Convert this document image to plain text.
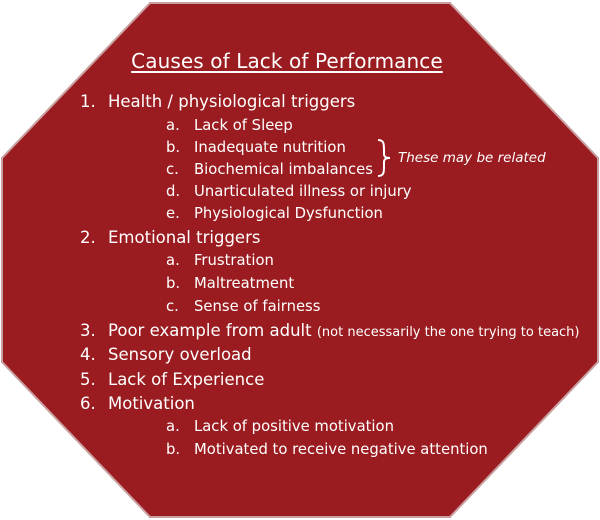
Causes of Lack of Performance
1. Health / physiological triggers
a. Lack of Sleep
b. Inadequate nutrition
c. Biochemical imbalances
d. Unarticulated illness or injury
e. Physiological Dysfunction
These may be related
2. Emotional triggers
a. Frustration
b. Maltreatment
c. Sense of fairness
3. Poor example from adult (not necessarily the one trying to teach)
4. Sensory overload
5. Lack of Experience
6. Motivation
a. Lack of positive motivation
b. Motivated to receive negative attention
